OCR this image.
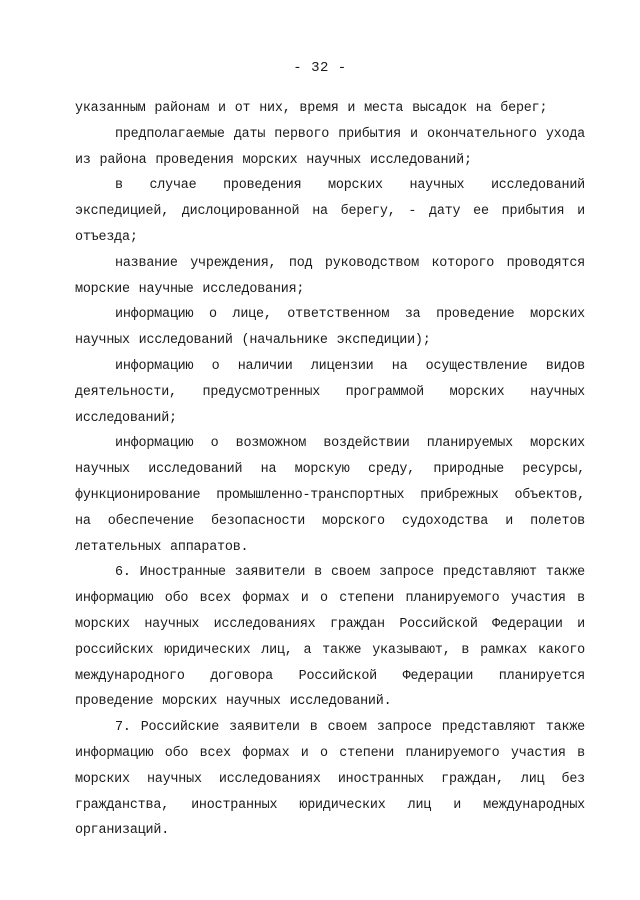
- 32 -

указанным районам и от них, время и места высадок на берег;

предполагаемые даты первого прибытия и окончательного ухода из района проведения морских научных исследований;

в случае проведения морских научных исследований экспедицией, дислоцированной на берегу, - дату ее прибытия и отъезда;

название учреждения, под руководством которого проводятся морские научные исследования;

информацию о лице, ответственном за проведение морских научных исследований (начальнике экспедиции);

информацию о наличии лицензии на осуществление видов деятельности, предусмотренных программой морских научных исследований;

информацию о возможном воздействии планируемых морских научных исследований на морскую среду, природные ресурсы, функционирование промышленно-транспортных прибрежных объектов, на обеспечение безопасности морского судоходства и полетов летательных аппаратов.

6. Иностранные заявители в своем запросе представляют также информацию обо всех формах и о степени планируемого участия в морских научных исследованиях граждан Российской Федерации и российских юридических лиц, а также указывают, в рамках какого международного договора Российской Федерации планируется проведение морских научных исследований.

7. Российские заявители в своем запросе представляют также информацию обо всех формах и о степени планируемого участия в морских научных исследованиях иностранных граждан, лиц без гражданства, иностранных юридических лиц и международных организаций.
